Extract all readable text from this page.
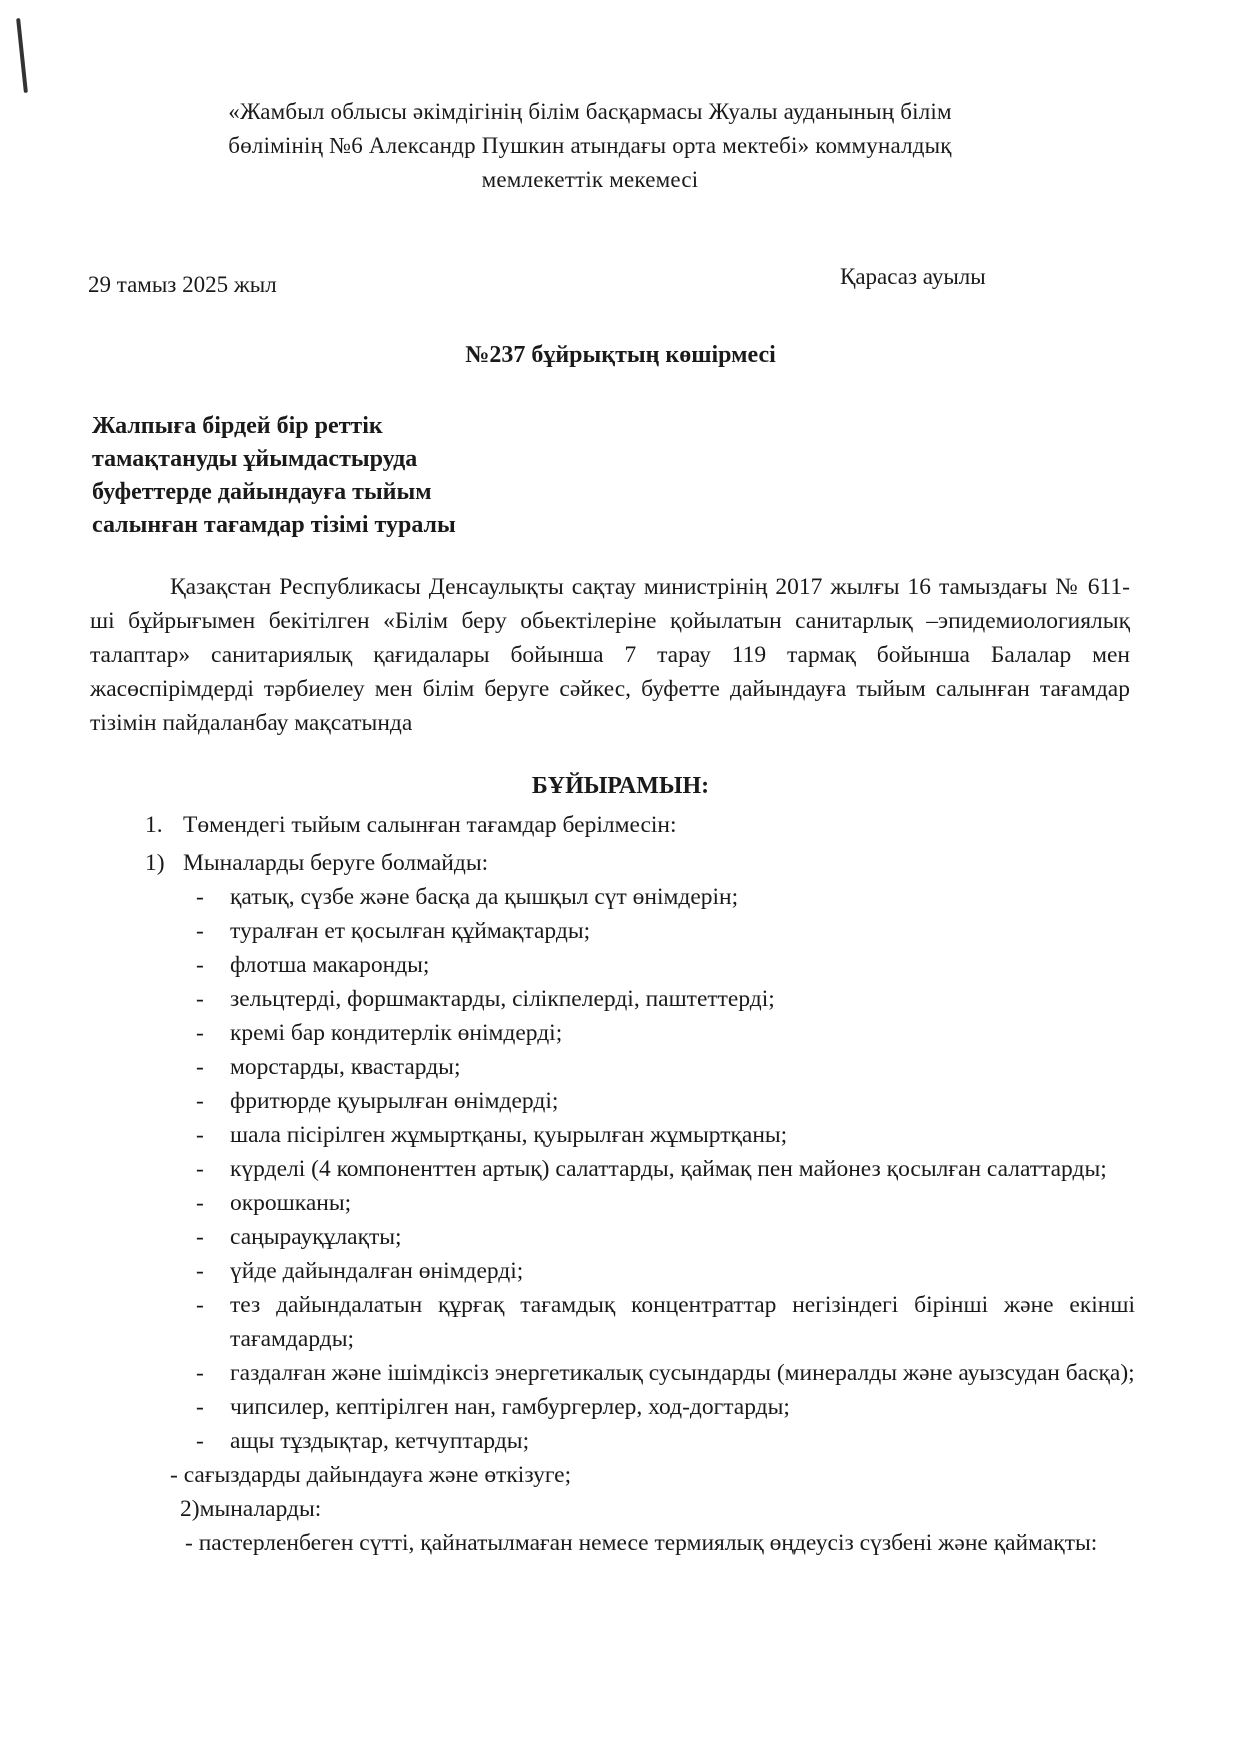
«Жамбыл облысы әкімдігінің білім басқармасы Жуалы ауданының білім
бөлімінің №6 Александр Пушкин атындағы орта мектебі» коммуналдық
мемлекеттік мекемесі
29 тамыз 2025 жыл	Қарасаз ауылы
№237 бұйрықтың көшірмесі
Жалпыға бірдей бір реттік
тамақтануды ұйымдастыруда
буфеттерде дайындауға тыйым
салынған тағамдар тізімі туралы

Қазақстан Республикасы Денсаулықты сақтау министрінің 2017 жылғы 16 тамыздағы № 611-ші бұйрығымен бекітілген «Білім беру обьектілеріне қойылатын санитарлық –эпидемиологиялық талаптар» санитариялық қағидалары бойынша 7 тарау 119 тармақ бойынша Балалар мен жасөспірімдерді тәрбиелеу мен білім беруге сәйкес, буфетте дайындауға тыйым салынған тағамдар тізімін пайдаланбау мақсатында

БҰЙЫРАМЫН:
1. Төмендегі тыйым салынған тағамдар берілмесін:
1) Мыналарды беруге болмайды:
-	қатық, сүзбе және басқа да қышқыл сүт өнімдерін;
-	туралған ет қосылған құймақтарды;
-	флотша макаронды;
-	зельцтерді, форшмактарды, сілікпелерді, паштеттерді;
-	кремі бар кондитерлік өнімдерді;
-	морстарды, квастарды;
-	фритюрде қуырылған өнімдерді;
-	шала пісірілген жұмыртқаны, қуырылған жұмыртқаны;
-	күрделі (4 компоненттен артық) салаттарды, қаймақ пен майонез қосылған салаттарды;
-	окрошканы;
-	саңырауқұлақты;
-	үйде дайындалған өнімдерді;
-	тез дайындалатын құрғақ тағамдық концентраттар негізіндегі бірінші және екінші тағамдарды;
-	газдалған және ішімдіксіз энергетикалық сусындарды (минералды және ауызсудан басқа);
-	чипсилер, кептірілген нан, гамбургерлер, ход-догтарды;
-	ащы тұздықтар, кетчуптарды;
- сағыздарды дайындауға және өткізуге;
2)мыналарды:
- пастерленбеген сүтті, қайнатылмаған немесе термиялық өңдеусіз сүзбені және қаймақты:
